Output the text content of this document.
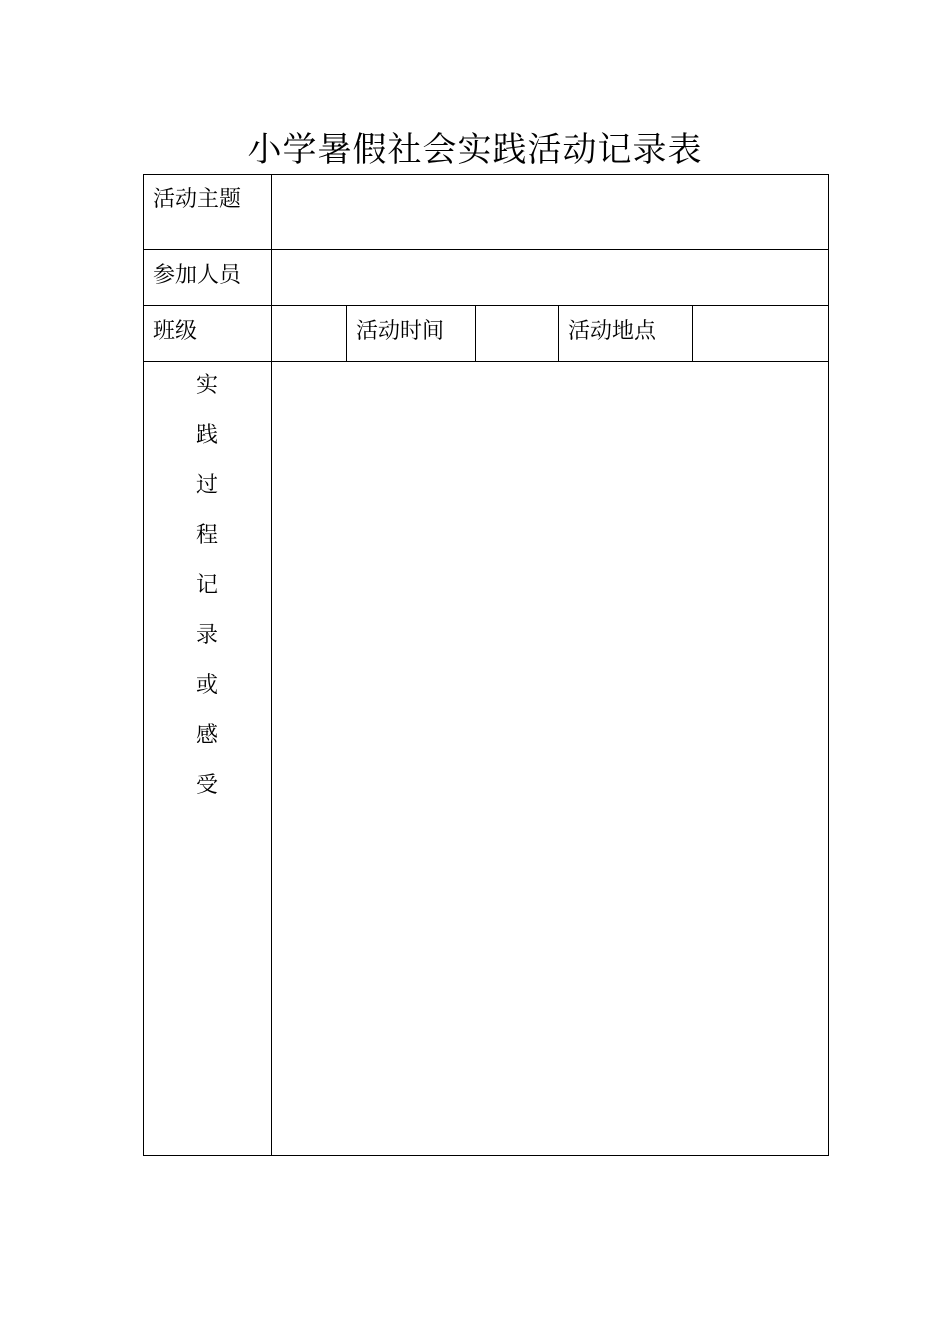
小学暑假社会实践活动记录表
活动主题
参加人员
班级	活动时间	活动地点
实
践
过
程
记
录
或
感
受
